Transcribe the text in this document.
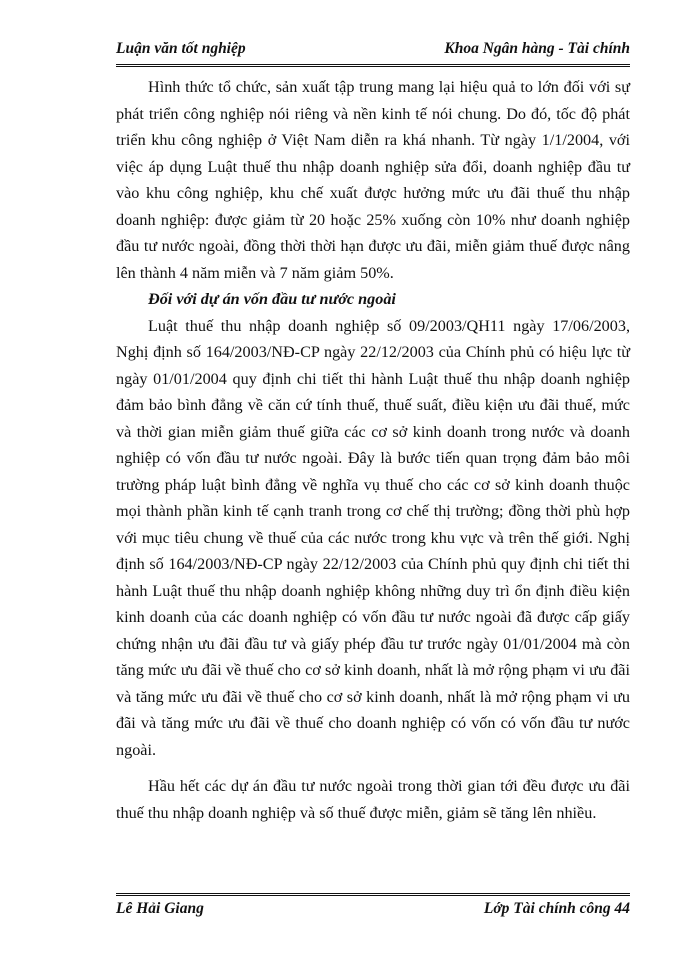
Luận văn tốt nghiệp	Khoa Ngân hàng - Tài chính

Hình thức tổ chức, sản xuất tập trung mang lại hiệu quả to lớn đối với sự phát triển công nghiệp nói riêng và nền kinh tế nói chung. Do đó, tốc độ phát triển khu công nghiệp ở Việt Nam diễn ra khá nhanh. Từ ngày 1/1/2004, với việc áp dụng Luật thuế thu nhập doanh nghiệp sửa đổi, doanh nghiệp đầu tư vào khu công nghiệp, khu chế xuất được hưởng mức ưu đãi thuế thu nhập doanh nghiệp: được giảm từ 20 hoặc 25% xuống còn 10% như doanh nghiệp đầu tư nước ngoài, đồng thời thời hạn được ưu đãi, miễn giảm thuế được nâng lên thành 4 năm miễn và 7 năm giảm 50%.

Đối với dự án vốn đầu tư nước ngoài

Luật thuế thu nhập doanh nghiệp số 09/2003/QH11 ngày 17/06/2003, Nghị định số 164/2003/NĐ-CP ngày 22/12/2003 của Chính phủ có hiệu lực từ ngày 01/01/2004 quy định chi tiết thi hành Luật thuế thu nhập doanh nghiệp đảm bảo bình đẳng về căn cứ tính thuế, thuế suất, điều kiện ưu đãi thuế, mức và thời gian miễn giảm thuế giữa các cơ sở kinh doanh trong nước và doanh nghiệp có vốn đầu tư nước ngoài. Đây là bước tiến quan trọng đảm bảo môi trường pháp luật bình đẳng về nghĩa vụ thuế cho các cơ sở kinh doanh thuộc mọi thành phần kinh tế cạnh tranh trong cơ chế thị trường; đồng thời phù hợp với mục tiêu chung về thuế của các nước trong khu vực và trên thế giới. Nghị định số 164/2003/NĐ-CP ngày 22/12/2003 của Chính phủ quy định chi tiết thi hành Luật thuế thu nhập doanh nghiệp không những duy trì ổn định điều kiện kinh doanh của các doanh nghiệp có vốn đầu tư nước ngoài đã được cấp giấy chứng nhận ưu đãi đầu tư và giấy phép đầu tư trước ngày 01/01/2004 mà còn tăng mức ưu đãi về thuế cho cơ sở kinh doanh, nhất là mở rộng phạm vi ưu đãi và tăng mức ưu đãi về thuế cho cơ sở kinh doanh, nhất là mở rộng phạm vi ưu đãi và tăng mức ưu đãi về thuế cho doanh nghiệp có vốn có vốn đầu tư nước ngoài.

Hầu hết các dự án đầu tư nước ngoài trong thời gian tới đều được ưu đãi thuế thu nhập doanh nghiệp và số thuế được miễn, giảm sẽ tăng lên nhiều.

Lê Hải Giang	Lớp Tài chính công 44
